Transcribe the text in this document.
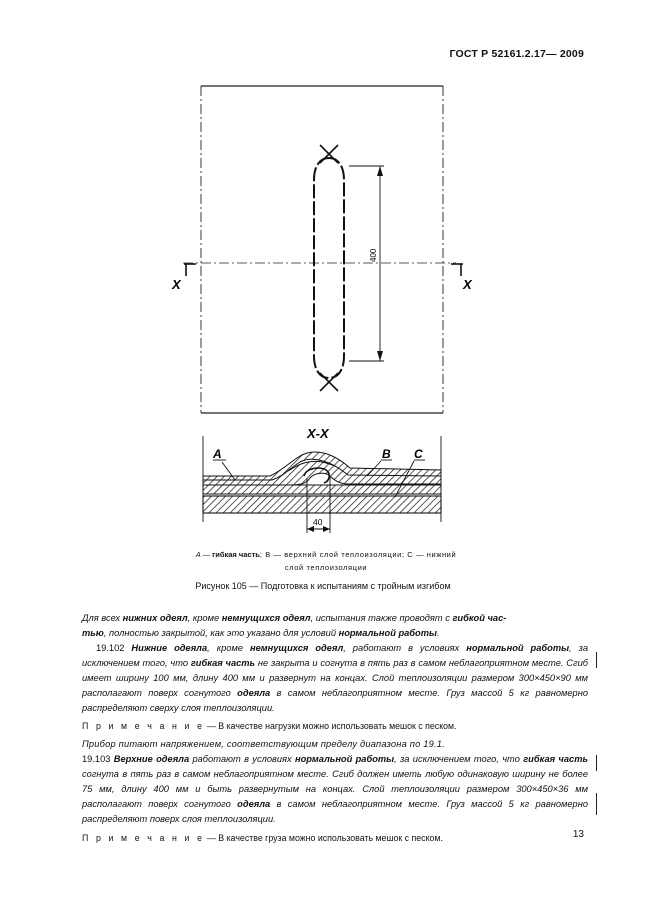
ГОСТ Р 52161.2.17— 2009
X	X
400
X-X
A	B C
40
A — гибкая часть; B — верхний слой теплоизоляции; C — нижний
слой теплоизоляции
Рисунок 105 — Подготовка к испытаниям с тройным изгибом

Для всех нижних одеял, кроме немнущихся одеял, испытания также проводят с гибкой час-
тью, полностью закрытой, как это указано для условий нормальной работы.

19.102 Нижние одеяла, кроме немнущихся одеял, работают в условиях нормальной работы, за исключением того, что гибкая часть не закрыта и согнута в пять раз в самом неблагоприятном месте. Сгиб имеет ширину 100 мм, длину 400 мм и развернут на концах. Слой теплоизоляции размером 300×450×90 мм располагают поверх согнутого одеяла в самом неблагоприятном месте. Груз массой 5 кг равномерно распределяют сверху слоя теплоизоляции.

П р и м е ч а н и е — В качестве нагрузки можно использовать мешок с песком.

Прибор питают напряжением, соответствующим пределу диапазона по 19.1.

19.103 Верхние одеяла работают в условиях нормальной работы, за исключением того, что гибкая часть согнута в пять раз в самом неблагоприятном месте. Сгиб должен иметь любую одинаковую ширину не более 75 мм, длину 400 мм и быть развернутым на концах. Слой теплоизоляции размером 300×450×36 мм располагают поверх согнутого одеяла в самом неблагоприятном месте. Груз массой 5 кг равномерно распределяют поверх слоя теплоизоляции.

П р и м е ч а н и е — В качестве груза можно использовать мешок с песком.	13
